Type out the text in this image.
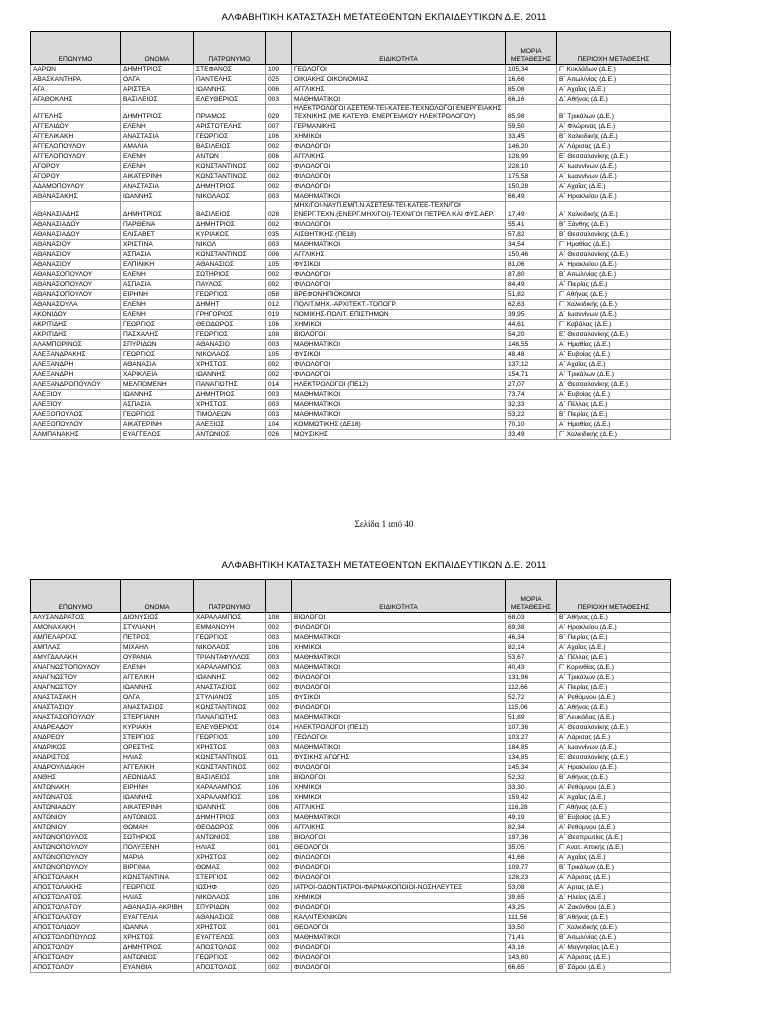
ΑΛΦΑΒΗΤΙΚΗ ΚΑΤΑΣΤΑΣΗ ΜΕΤΑΤΕΘΕΝΤΩΝ ΕΚΠΑΙΔΕΥΤΙΚΩΝ Δ.Ε. 2011
ΕΠΩΝΥΜΟ	ΟΝΟΜΑ	ΠΑΤΡΩΝΥΜΟ		ΕΙΔΙΚΟΤΗΤΑ	ΜΟΡΙΑ ΜΕΤΑΘΕΣΗΣ	ΠΕΡΙΟΧΗ ΜΕΤΑΘΕΣΗΣ
ΑΑΡΩΝ	ΔΗΜΗΤΡΙΟΣ	ΣΤΕΦΑΝΟΣ	109	ΓΕΩΛΟΓΟΙ	105,34	Γ΄ Κυκλάδων (Δ.Ε.)
ΑΒΑΣΚΑΝΤΗΡΑ	ΟΛΓΑ	ΠΑΝΤΕΛΗΣ	025	ΟΙΚΙΑΚΗΣ ΟΙΚΟΝΟΜΙΑΣ	16,66	Β΄ Αιτωλ/νίας (Δ.Ε.)
ΑΓΑ	ΑΡΙΣΤΕΑ	ΙΩΑΝΝΗΣ	006	ΑΓΓΛΙΚΗΣ	85,08	Α΄ Αχαΐας (Δ.Ε.)
ΑΓΑΘΟΚΛΗΣ	ΒΑΣΙΛΕΙΟΣ	ΕΛΕΥΘΕΡΙΟΣ	003	ΜΑΘΗΜΑΤΙΚΟΙ	66,16	Δ΄ Αθήνας (Δ.Ε.)
ΑΓΓΕΛΗΣ	ΔΗΜΗΤΡΙΟΣ	ΠΡΙΑΜΟΣ	029	ΗΛΕΚΤΡΟΛΟΓΟΙ ΑΣΕΤΕΜ-ΤΕΙ-ΚΑΤΕΕ-ΤΕΧΝΟΛΟΓΟΙ ΕΝΕΡΓΕΙΑΚΗΣ ΤΕΧΝΙΚΗΣ (ΜΕ ΚΑΤΕΥΘ. ΕΝΕΡΓΕΙΑΚΟΥ ΗΛΕΚΤΡΟΛΟΓΟΥ)	85,98	Β΄ Τρικάλων (Δ.Ε.)
ΑΓΓΕΛΙΔΟΥ	ΕΛΕΝΗ	ΑΡΙΣΤΟΤΕΛΗΣ	007	ΓΕΡΜΑΝΙΚΗΣ	59,50	Α΄ Φλώρινας (Δ.Ε.)
ΑΓΓΕΛΙΚΑΚΗ	ΑΝΑΣΤΑΣΙΑ	ΓΕΩΡΓΙΟΣ	106	ΧΗΜΙΚΟΙ	33,45	Β΄ Χαλκιδικής (Δ.Ε.)
ΑΓΓΕΛΟΠΟΥΛΟΥ	ΑΜΑΛΙΑ	ΒΑΣΙΛΕΙΟΣ	002	ΦΙΛΟΛΟΓΟΙ	146,20	Α΄ Λάρισας (Δ.Ε.)
ΑΓΓΕΛΟΠΟΥΛΟΥ	ΕΛΕΝΗ	ΑΝΤΩΝ	006	ΑΓΓΛΙΚΗΣ	128,90	Ε΄ Θεσσαλονίκης (Δ.Ε.)
ΑΓΟΡΟΥ	ΕΛΕΝΗ	ΚΩΝΣΤΑΝΤΙΝΟΣ	002	ΦΙΛΟΛΟΓΟΙ	228,10	Α΄ Ιωαννίνων (Δ.Ε.)
ΑΓΟΡΟΥ	ΑΙΚΑΤΕΡΙΝΗ	ΚΩΝΣΤΑΝΤΙΝΟΣ	002	ΦΙΛΟΛΟΓΟΙ	175,58	Α΄ Ιωαννίνων (Δ.Ε.)
ΑΔΑΜΟΠΟΥΛΟΥ	ΑΝΑΣΤΑΣΙΑ	ΔΗΜΗΤΡΙΟΣ	002	ΦΙΛΟΛΟΓΟΙ	150,28	Α΄ Αχαΐας (Δ.Ε.)
ΑΘΑΝΑΣΑΚΗΣ	ΙΩΑΝΝΗΣ	ΝΙΚΟΛΑΟΣ	003	ΜΑΘΗΜΑΤΙΚΟΙ	66,49	Α΄ Ηρακλείου (Δ.Ε.)
ΑΘΑΝΑΣΙΑΔΗΣ	ΔΗΜΗΤΡΙΟΣ	ΒΑΣΙΛΕΙΟΣ	028	ΜΗΧ/ΓΟΙ-ΝΑΥΠ.ΕΜΠ.Ν.ΑΣΕΤΕΜ-ΤΕΙ-ΚΑΤΕΕ-ΤΕΧΝ/ΓΟΙ ΕΝΕΡΓ.ΤΕΧΝ.(ΕΝΕΡΓ.ΜΗΧ/ΓΟΙ)-ΤΕΧΝ/ΓΟΙ ΠΕΤΡΕΛ ΚΑΙ ΦΥΣ.ΑΕΡ.	17,49	Α΄ Χαλκιδικής (Δ.Ε.)
ΑΘΑΝΑΣΙΑΔΟΥ	ΠΑΡΘΕΝΑ	ΔΗΜΗΤΡΙΟΣ	002	ΦΙΛΟΛΟΓΟΙ	55,41	Β΄ Ξάνθης (Δ.Ε.)
ΑΘΑΝΑΣΙΑΔΟΥ	ΕΛΙΣΑΒΕΤ	ΚΥΡΙΑΚΟΣ	035	ΑΙΣΘΗΤΙΚΗΣ (ΠΕ18)	57,82	Β΄ Θεσσαλονίκης (Δ.Ε.)
ΑΘΑΝΑΣΙΟΥ	ΧΡΙΣΤΙΝΑ	ΝΙΚΟΛ	003	ΜΑΘΗΜΑΤΙΚΟΙ	34,54	Γ΄ Ημαθίας (Δ.Ε.)
ΑΘΑΝΑΣΙΟΥ	ΑΣΠΑΣΙΑ	ΚΩΝΣΤΑΝΤΙΝΟΣ	006	ΑΓΓΛΙΚΗΣ	150,46	Α΄ Θεσσαλονίκης (Δ.Ε.)
ΑΘΑΝΑΣΙΟΥ	ΕΛΠΙΝΙΚΗ	ΑΘΑΝΑΣΙΟΣ	105	ΦΥΣΙΚΟΙ	81,06	Α΄ Ηρακλείου (Δ.Ε.)
ΑΘΑΝΑΣΟΠΟΥΛΟΥ	ΕΛΕΝΗ	ΣΩΤΗΡΙΟΣ	002	ΦΙΛΟΛΟΓΟΙ	87,80	Β΄ Αιτωλ/νίας (Δ.Ε.)
ΑΘΑΝΑΣΟΠΟΥΛΟΥ	ΑΣΠΑΣΙΑ	ΠΑΥΛΟΣ	002	ΦΙΛΟΛΟΓΟΙ	84,49	Α΄ Πιερίας (Δ.Ε.)
ΑΘΑΝΑΣΟΠΟΥΛΟΥ	ΕΙΡΗΝΗ	ΓΕΩΡΓΙΟΣ	058	ΒΡΕΦΟΝΗΠΙΟΚΟΜΟΙ	51,82	Γ΄ Αθήνας (Δ.Ε.)
ΑΘΑΝΑΣΟΥΛΑ	ΕΛΕΝΗ	ΔΗΜΗΤ	012	ΠΟΛΙΤ.ΜΗΧ.-ΑΡΧΙΤΕΚΤ.-ΤΟΠΟΓΡ.	62,63	Γ΄ Χαλκιδικής (Δ.Ε.)
ΑΚΟΝΙΔΟΥ	ΕΛΕΝΗ	ΓΡΗΓΟΡΙΟΣ	019	ΝΟΜΙΚΗΣ-ΠΟΛΙΤ. ΕΠΙΣΤΗΜΩΝ	39,95	Δ΄ Ιωαννίνων (Δ.Ε.)
ΑΚΡΙΤΙΔΗΣ	ΓΕΩΡΓΙΟΣ	ΘΕΟΔΩΡΟΣ	106	ΧΗΜΙΚΟΙ	44,61	Γ΄ Καβάλας (Δ.Ε.)
ΑΚΡΙΤΙΔΗΣ	ΠΑΣΧΑΛΗΣ	ΓΕΩΡΓΙΟΣ	108	ΒΙΟΛΟΓΟΙ	54,20	Ε΄ Θεσσαλονίκης (Δ.Ε.)
ΑΛΑΜΠΟΡΙΝΟΣ	ΣΠΥΡΙΔΩΝ	ΑΘΑΝΑΣΙΟ	003	ΜΑΘΗΜΑΤΙΚΟΙ	148,55	Α΄ Ημαθίας (Δ.Ε.)
ΑΛΕΞΑΝΔΡΑΚΗΣ	ΓΕΩΡΓΙΟΣ	ΝΙΚΟΛΑΟΣ	105	ΦΥΣΙΚΟΙ	48,48	Α΄ Ευβοίας (Δ.Ε.)
ΑΛΕΞΑΝΔΡΗ	ΑΘΑΝΑΣΙΑ	ΧΡΗΣΤΟΣ	002	ΦΙΛΟΛΟΓΟΙ	137,12	Α΄ Αχαΐας (Δ.Ε.)
ΑΛΕΞΑΝΔΡΗ	ΧΑΡΙΚΛΕΙΑ	ΙΩΑΝΝΗΣ	002	ΦΙΛΟΛΟΓΟΙ	154,71	Α΄ Τρικάλων (Δ.Ε.)
ΑΛΕΞΑΝΔΡΟΠΟΥΛΟΥ	ΜΕΛΠΟΜΕΝΗ	ΠΑΝΑΓΙΩΤΗΣ	014	ΗΛΕΚΤΡΟΛΟΓΟΙ (ΠΕ12)	27,07	Δ΄ Θεσσαλονίκης (Δ.Ε.)
ΑΛΕΞΙΟΥ	ΙΩΑΝΝΗΣ	ΔΗΜΗΤΡΙΟΣ	003	ΜΑΘΗΜΑΤΙΚΟΙ	73,74	Α΄ Ευβοίας (Δ.Ε.)
ΑΛΕΞΙΟΥ	ΑΣΠΑΣΙΑ	ΧΡΗΣΤΟΣ	003	ΜΑΘΗΜΑΤΙΚΟΙ	32,33	Δ΄ Πέλλας (Δ.Ε.)
ΑΛΕΞΟΠΟΥΛΟΣ	ΓΕΩΡΓΙΟΣ	ΤΙΜΟΛΕΩΝ	003	ΜΑΘΗΜΑΤΙΚΟΙ	53,22	Β΄ Πιερίας (Δ.Ε.)
ΑΛΕΞΟΠΟΥΛΟΥ	ΑΙΚΑΤΕΡΙΝΗ	ΑΛΕΞΙΟΣ	104	ΚΟΜΜΩΤΙΚΗΣ (ΔΕ18)	70,10	Α΄ Ημαθίας (Δ.Ε.)
ΑΛΜΠΑΝΑΚΗΣ	ΕΥΑΓΓΕΛΟΣ	ΑΝΤΩΝΙΟΣ	026	ΜΟΥΣΙΚΗΣ	33,49	Γ΄ Χαλκιδικής (Δ.Ε.)
Σελίδα 1 από 40
ΑΛΦΑΒΗΤΙΚΗ ΚΑΤΑΣΤΑΣΗ ΜΕΤΑΤΕΘΕΝΤΩΝ ΕΚΠΑΙΔΕΥΤΙΚΩΝ Δ.Ε. 2011
ΕΠΩΝΥΜΟ	ΟΝΟΜΑ	ΠΑΤΡΩΝΥΜΟ		ΕΙΔΙΚΟΤΗΤΑ	ΜΟΡΙΑ ΜΕΤΑΘΕΣΗΣ	ΠΕΡΙΟΧΗ ΜΕΤΑΘΕΣΗΣ
ΑΛΥΣΑΝΔΡΑΤΟΣ	ΔΙΟΝΥΣΙΟΣ	ΧΑΡΑΛΑΜΠΟΣ	108	ΒΙΟΛΟΓΟΙ	68,03	Β΄ Αθήνας (Δ.Ε.)
ΑΜΟΝΑΧΑΚΗ	ΣΤΥΛΙΑΝΗ	ΕΜΜΑΝΟΥΗ	002	ΦΙΛΟΛΟΓΟΙ	69,38	Α΄ Ηρακλείου (Δ.Ε.)
ΑΜΠΕΛΑΡΓΑΣ	ΠΕΤΡΟΣ	ΓΕΩΡΓΙΟΣ	003	ΜΑΘΗΜΑΤΙΚΟΙ	46,34	Β΄ Πιερίας (Δ.Ε.)
ΑΜΠΛΑΣ	ΜΙΧΑΗΛ	ΝΙΚΟΛΑΟΣ	106	ΧΗΜΙΚΟΙ	82,14	Α΄ Αχαΐας (Δ.Ε.)
ΑΜΥΓΔΑΛΑΚΗ	ΟΥΡΑΝΙΑ	ΤΡΙΑΝΤΑΦΥΛΛΟΣ	003	ΜΑΘΗΜΑΤΙΚΟΙ	53,67	Δ΄ Πέλλας (Δ.Ε.)
ΑΝΑΓΝΩΣΤΟΠΟΥΛΟΥ	ΕΛΕΝΗ	ΧΑΡΑΛΑΜΠΟΣ	003	ΜΑΘΗΜΑΤΙΚΟΙ	40,43	Γ΄ Κορινθίας (Δ.Ε.)
ΑΝΑΓΝΩΣΤΟΥ	ΑΓΓΕΛΙΚΗ	ΙΩΑΝΝΗΣ	002	ΦΙΛΟΛΟΓΟΙ	131,96	Α΄ Τρικάλων (Δ.Ε.)
ΑΝΑΓΝΩΣΤΟΥ	ΙΩΑΝΝΗΣ	ΑΝΑΣΤΑΣΙΟΣ	002	ΦΙΛΟΛΟΓΟΙ	112,66	Α΄ Πιερίας (Δ.Ε.)
ΑΝΑΣΤΑΣΑΚΗ	ΟΛΓΑ	ΣΤΥΛΙΑΝΟΣ	105	ΦΥΣΙΚΟΙ	52,72	Α΄ Ρεθύμνου (Δ.Ε.)
ΑΝΑΣΤΑΣΙΟΥ	ΑΝΑΣΤΑΣΙΟΣ	ΚΩΝΣΤΑΝΤΙΝΟΣ	002	ΦΙΛΟΛΟΓΟΙ	115,06	Δ΄ Αθήνας (Δ.Ε.)
ΑΝΑΣΤΑΣΟΠΟΥΛΟΥ	ΣΤΕΡΓΙΑΝΗ	ΠΑΝΑΓΙΩΤΗΣ	003	ΜΑΘΗΜΑΤΙΚΟΙ	51,89	Β΄ Λευκάδας (Δ.Ε.)
ΑΝΔΡΕΑΔΟΥ	ΚΥΡΙΑΚΗ	ΕΛΕΥΘΕΡΙΟΣ	014	ΗΛΕΚΤΡΟΛΟΓΟΙ (ΠΕ12)	107,36	Α΄ Θεσσαλονίκης (Δ.Ε.)
ΑΝΔΡΕΟΥ	ΣΤΕΡΓΙΟΣ	ΓΕΩΡΓΙΟΣ	109	ΓΕΩΛΟΓΟΙ	103,27	Α΄ Λάρισας (Δ.Ε.)
ΑΝΔΡΙΚΟΣ	ΟΡΕΣΤΗΣ	ΧΡΗΣΤΟΣ	003	ΜΑΘΗΜΑΤΙΚΟΙ	184,85	Α΄ Ιωαννίνων (Δ.Ε.)
ΑΝΔΡΙΣΤΟΣ	ΗΛΙΑΣ	ΚΩΝΣΤΑΝΤΙΝΟΣ	011	ΦΥΣΙΚΗΣ ΑΓΩΓΗΣ	134,85	Ε΄ Θεσσαλονίκης (Δ.Ε.)
ΑΝΔΡΟΥΛΙΔΑΚΗ	ΑΓΓΕΛΙΚΗ	ΚΩΝΣΤΑΝΤΙΝΟΣ	002	ΦΙΛΟΛΟΓΟΙ	145,34	Α΄ Ηρακλείου (Δ.Ε.)
ΑΝΘΗΣ	ΛΕΩΝΙΔΑΣ	ΒΑΣΙΛΕΙΟΣ	108	ΒΙΟΛΟΓΟΙ	52,32	Β΄ Αθήνας (Δ.Ε.)
ΑΝΤΩΝΑΚΗ	ΕΙΡΗΝΗ	ΧΑΡΑΛΑΜΠΟΣ	106	ΧΗΜΙΚΟΙ	33,30	Α΄ Ρεθύμνου (Δ.Ε.)
ΑΝΤΩΝΑΤΟΣ	ΙΩΑΝΝΗΣ	ΧΑΡΑΛΑΜΠΟΣ	106	ΧΗΜΙΚΟΙ	159,42	Α΄ Αχαΐας (Δ.Ε.)
ΑΝΤΩΝΙΑΔΟΥ	ΑΙΚΑΤΕΡΙΝΗ	ΙΩΑΝΝΗΣ	006	ΑΓΓΛΙΚΗΣ	116,28	Γ΄ Αθήνας (Δ.Ε.)
ΑΝΤΩΝΙΟΥ	ΑΝΤΩΝΙΟΣ	ΔΗΜΗΤΡΙΟΣ	003	ΜΑΘΗΜΑΤΙΚΟΙ	49,19	Β΄ Ευβοίας (Δ.Ε.)
ΑΝΤΩΝΙΟΥ	ΘΩΜΑΗ	ΘΕΟΔΩΡΟΣ	006	ΑΓΓΛΙΚΗΣ	82,34	Α΄ Ρεθύμνου (Δ.Ε.)
ΑΝΤΩΝΟΠΟΥΛΟΣ	ΣΩΤΗΡΙΟΣ	ΑΝΤΩΝΙΟΣ	108	ΒΙΟΛΟΓΟΙ	197,36	Α΄ Θεσπρωτίας (Δ.Ε.)
ΑΝΤΩΝΟΠΟΥΛΟΥ	ΠΟΛΥΞΕΝΗ	ΗΛΙΑΣ	001	ΘΕΟΛΟΓΟΙ	35,05	Γ΄ Ανατ. Αττικής (Δ.Ε.)
ΑΝΤΩΝΟΠΟΥΛΟΥ	ΜΑΡΙΑ	ΧΡΗΣΤΟΣ	002	ΦΙΛΟΛΟΓΟΙ	41,66	Α΄ Αχαΐας (Δ.Ε.)
ΑΝΤΩΝΟΠΟΥΛΟΥ	ΒΙΡΓΙΝΙΑ	ΘΩΜΑΣ	002	ΦΙΛΟΛΟΓΟΙ	109,77	Β΄ Τρικάλων (Δ.Ε.)
ΑΠΟΣΤΟΛΑΚΗ	ΚΩΝΣΤΑΝΤΙΝΑ	ΣΤΕΡΓΙΟΣ	002	ΦΙΛΟΛΟΓΟΙ	128,23	Α΄ Λάρισας (Δ.Ε.)
ΑΠΟΣΤΟΛΑΚΗΣ	ΓΕΩΡΓΙΟΣ	ΙΩΣΗΦ	020	ΙΑΤΡΟΙ-ΟΔΟΝΤΙΑΤΡΟΙ-ΦΑΡΜΑΚΟΠΟΙΟΙ-ΝΟΣΗΛΕΥΤΕΣ	53,08	Α΄ Αρτας (Δ.Ε.)
ΑΠΟΣΤΟΛΑΤΟΣ	ΗΛΙΑΣ	ΝΙΚΟΛΑΟΣ	106	ΧΗΜΙΚΟΙ	39,65	Δ΄ Ηλείας (Δ.Ε.)
ΑΠΟΣΤΟΛΑΤΟΥ	ΑΘΑΝΑΣΙΑ-ΑΚΡΙΒΗ	ΣΠΥΡΙΔΩΝ	002	ΦΙΛΟΛΟΓΟΙ	43,25	Α΄ Ζακύνθου (Δ.Ε.)
ΑΠΟΣΤΟΛΑΤΟΥ	ΕΥΑΓΓΕΛΙΑ	ΑΘΑΝΑΣΙΟΣ	008	ΚΑΛΛΙΤΕΧΝΙΚΩΝ	111,56	Β΄ Αθήνας (Δ.Ε.)
ΑΠΟΣΤΟΛΙΔΟΥ	ΙΩΑΝΝΑ	ΧΡΗΣΤΟΣ	001	ΘΕΟΛΟΓΟΙ	33,50	Γ΄ Χαλκιδικής (Δ.Ε.)
ΑΠΟΣΤΟΛΟΠΟΥΛΟΣ	ΧΡΗΣΤΟΣ	ΕΥΑΓΓΕΛΟΣ	003	ΜΑΘΗΜΑΤΙΚΟΙ	71,41	Β΄ Αιτωλ/νίας (Δ.Ε.)
ΑΠΟΣΤΟΛΟΥ	ΔΗΜΗΤΡΙΟΣ	ΑΠΟΣΤΟΛΟΣ	002	ΦΙΛΟΛΟΓΟΙ	43,16	Α΄ Μαγνησίας (Δ.Ε.)
ΑΠΟΣΤΟΛΟΥ	ΑΝΤΩΝΙΟΣ	ΓΕΩΡΓΙΟΣ	002	ΦΙΛΟΛΟΓΟΙ	143,60	Α΄ Λάρισας (Δ.Ε.)
ΑΠΟΣΤΟΛΟΥ	ΕΥΑΝΘΙΑ	ΑΠΟΣΤΟΛΟΣ	002	ΦΙΛΟΛΟΓΟΙ	66,65	Β΄ Σάμου (Δ.Ε.)
